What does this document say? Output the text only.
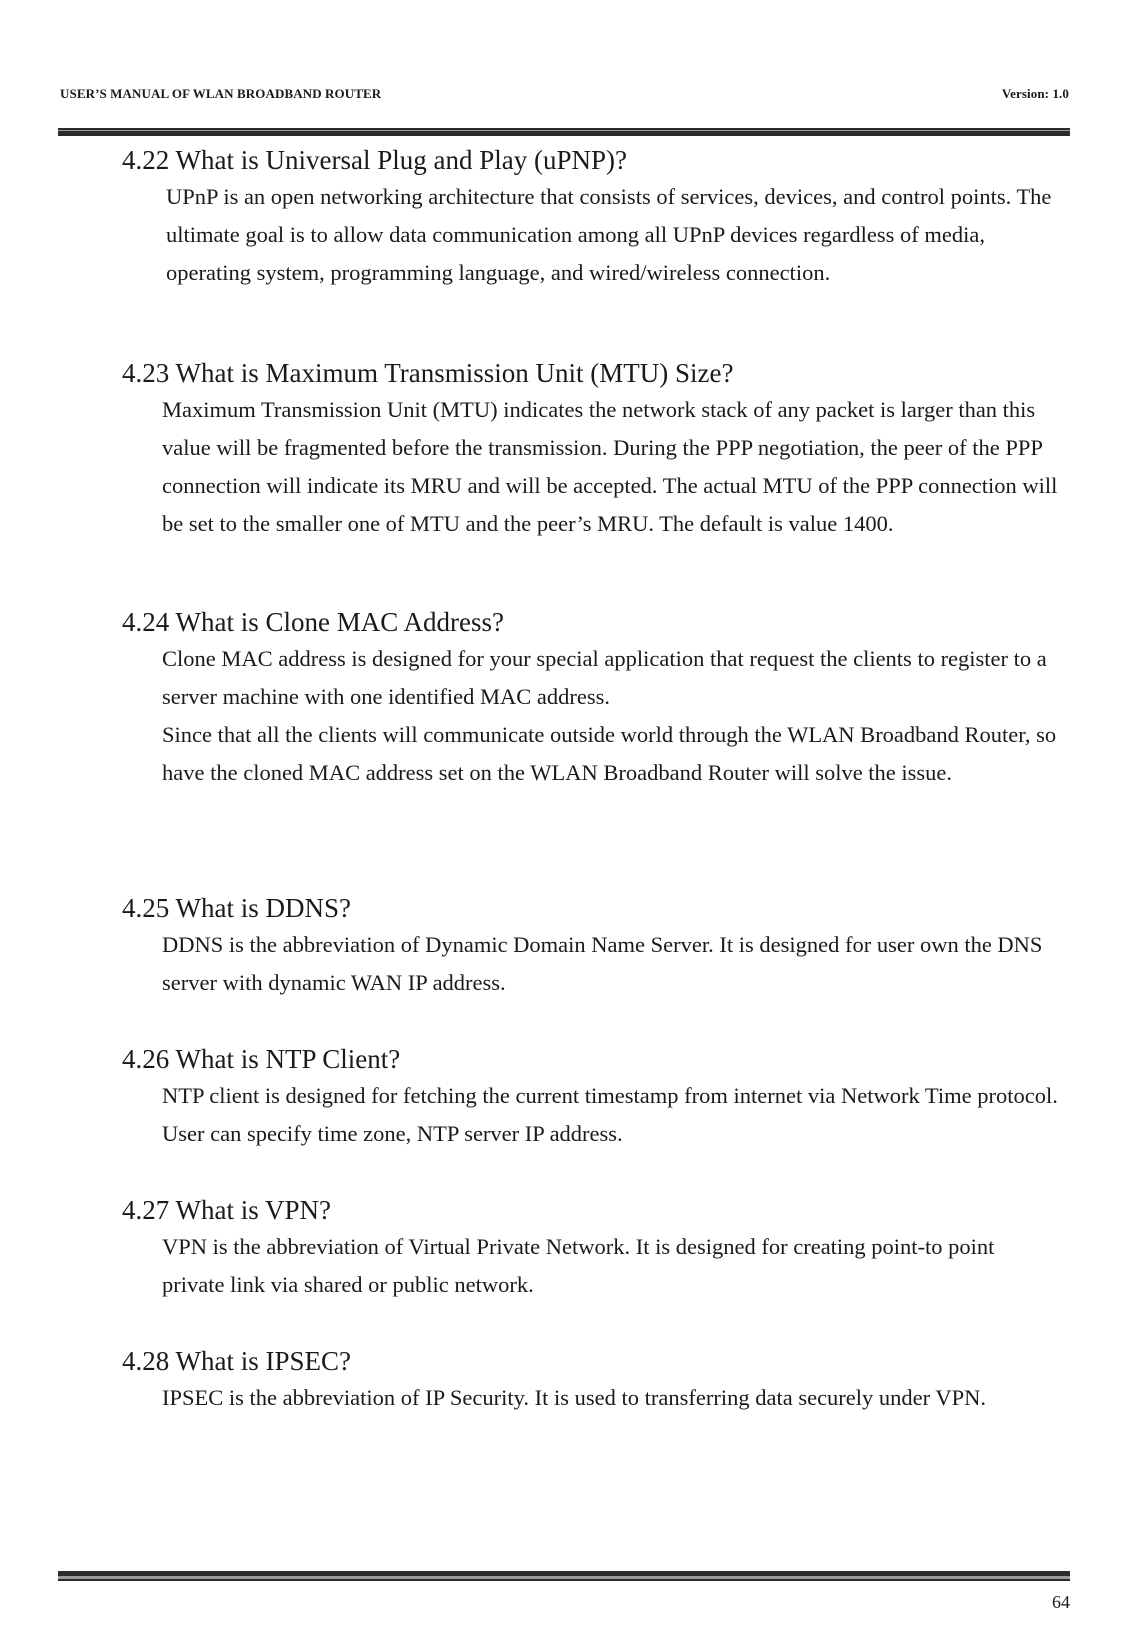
USER’S MANUAL OF WLAN BROADBAND ROUTER	Version: 1.0
4.22 What is Universal Plug and Play (uPNP)?

UPnP is an open networking architecture that consists of services, devices, and control points. The ultimate goal is to allow data communication among all UPnP devices regardless of media, operating system, programming language, and wired/wireless connection.

4.23 What is Maximum Transmission Unit (MTU) Size?

Maximum Transmission Unit (MTU) indicates the network stack of any packet is larger than this value will be fragmented before the transmission. During the PPP negotiation, the peer of the PPP connection will indicate its MRU and will be accepted. The actual MTU of the PPP connection will be set to the smaller one of MTU and the peer’s MRU. The default is value 1400.

4.24 What is Clone MAC Address?

Clone MAC address is designed for your special application that request the clients to register to a server machine with one identified MAC address.

Since that all the clients will communicate outside world through the WLAN Broadband Router, so have the cloned MAC address set on the WLAN Broadband Router will solve the issue.

4.25 What is DDNS?

DDNS is the abbreviation of Dynamic Domain Name Server. It is designed for user own the DNS server with dynamic WAN IP address.

4.26 What is NTP Client?

NTP client is designed for fetching the current timestamp from internet via Network Time protocol. User can specify time zone, NTP server IP address.

4.27 What is VPN?

VPN is the abbreviation of Virtual Private Network. It is designed for creating point-to point private link via shared or public network.

4.28 What is IPSEC?

IPSEC is the abbreviation of IP Security. It is used to transferring data securely under VPN.

64
